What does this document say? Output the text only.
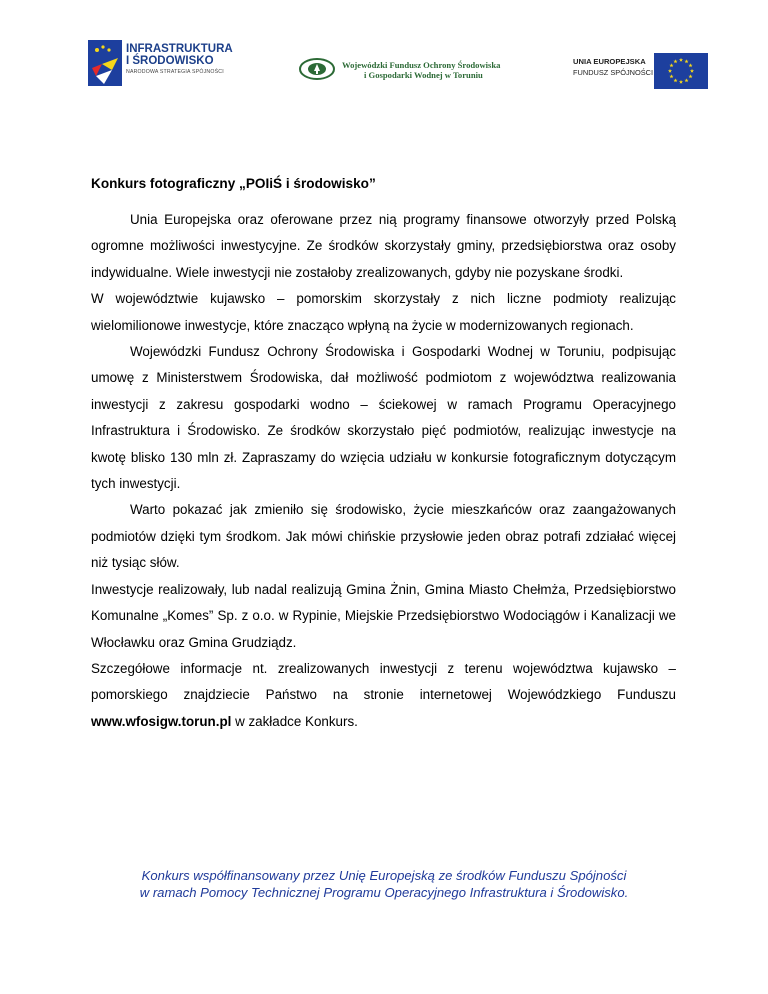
INFRASTRUKTURA
I ŚRODOWISKO
NARODOWA STRATEGIA SPÓJNOŚCI
Wojewódzki Fundusz Ochrony Środowiska
i Gospodarki Wodnej w Toruniu
UNIA EUROPEJSKA
FUNDUSZ SPÓJNOŚCI

Konkurs fotograficzny „POIiŚ i środowisko”

Unia Europejska oraz oferowane przez nią programy finansowe otworzyły przed Polską ogromne możliwości inwestycyjne. Ze środków skorzystały gminy, przedsiębiorstwa oraz osoby indywidualne. Wiele inwestycji nie zostałoby zrealizowanych, gdyby nie pozyskane środki.

W województwie kujawsko – pomorskim skorzystały z nich liczne podmioty realizując wielomilionowe inwestycje, które znacząco wpłyną na życie w modernizowanych regionach.

Wojewódzki Fundusz Ochrony Środowiska i Gospodarki Wodnej w Toruniu, podpisując umowę z Ministerstwem Środowiska, dał możliwość podmiotom z województwa realizowania inwestycji z zakresu gospodarki wodno – ściekowej w ramach Programu Operacyjnego Infrastruktura i Środowisko. Ze środków skorzystało pięć podmiotów, realizując inwestycje na kwotę blisko 130 mln zł. Zapraszamy do wzięcia udziału w konkursie fotograficznym dotyczącym tych inwestycji.

Warto pokazać jak zmieniło się środowisko, życie mieszkańców oraz zaangażowanych podmiotów dzięki tym środkom. Jak mówi chińskie przysłowie jeden obraz potrafi zdziałać więcej niż tysiąc słów.

Inwestycje realizowały, lub nadal realizują Gmina Żnin, Gmina Miasto Chełmża, Przedsiębiorstwo Komunalne „Komes” Sp. z o.o. w Rypinie, Miejskie Przedsiębiorstwo Wodociągów i Kanalizacji we Włocławku oraz Gmina Grudziądz.

Szczegółowe informacje nt. zrealizowanych inwestycji z terenu województwa kujawsko – pomorskiego znajdziecie Państwo na stronie internetowej Wojewódzkiego Funduszu www.wfosigw.torun.pl w zakładce Konkurs.

Konkurs współfinansowany przez Unię Europejską ze środków Funduszu Spójności
w ramach Pomocy Technicznej Programu Operacyjnego Infrastruktura i Środowisko.
